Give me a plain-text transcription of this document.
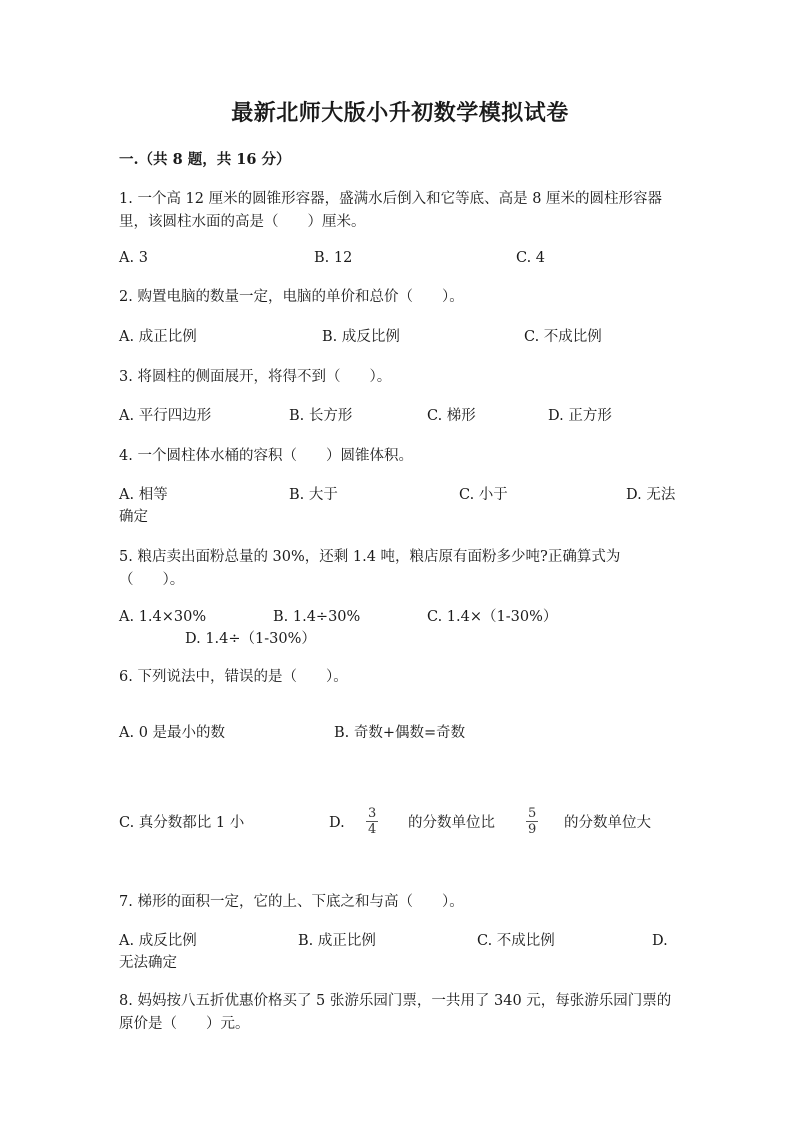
最新北师大版小升初数学模拟试卷
一.（共 8 题，共 16 分）
1. 一个高 12 厘米的圆锥形容器，盛满水后倒入和它等底、高是 8 厘米的圆柱形容器里，该圆柱水面的高是（　　）厘米。
A. 3	B. 12	C. 4
2. 购置电脑的数量一定，电脑的单价和总价（　　）。
A. 成正比例	B. 成反比例	C. 不成比例
3. 将圆柱的侧面展开，将得不到（　　）。
A. 平行四边形	B. 长方形	C. 梯形	D. 正方形
4. 一个圆柱体水桶的容积（　　）圆锥体积。
A. 相等	B. 大于	C. 小于	D. 无法
确定
5. 粮店卖出面粉总量的 30%，还剩 1.4 吨，粮店原有面粉多少吨?正确算式为（　　）。
A. 1.4×30%	B. 1.4÷30%	C. 1.4×（1-30%）
D. 1.4÷（1-30%）
6. 下列说法中，错误的是（　　）。
A. 0 是最小的数	B. 奇数+偶数=奇数
C. 真分数都比 1 小	D. $\frac{3}{4}$ 的分数单位比 $\frac{5}{9}$ 的分数单位大
7. 梯形的面积一定，它的上、下底之和与高（　　）。
A. 成反比例	B. 成正比例	C. 不成比例	D.
无法确定
8. 妈妈按八五折优惠价格买了 5 张游乐园门票，一共用了 340 元，每张游乐园门票的原价是（　　）元。
